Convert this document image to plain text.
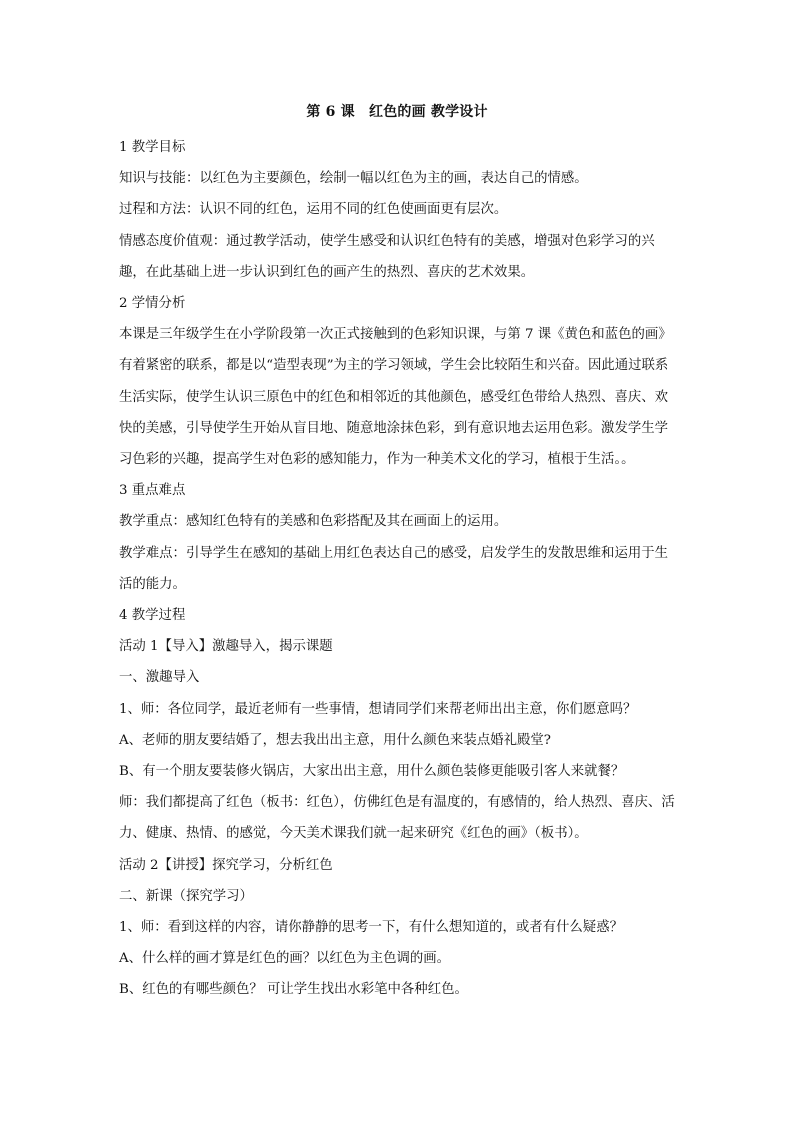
第 6 课　红色的画 教学设计

1 教学目标

知识与技能：以红色为主要颜色，绘制一幅以红色为主的画，表达自己的情感。

过程和方法：认识不同的红色，运用不同的红色使画面更有层次。

情感态度价值观：通过教学活动，使学生感受和认识红色特有的美感，增强对色彩学习的兴趣，在此基础上进一步认识到红色的画产生的热烈、喜庆的艺术效果。

2 学情分析

本课是三年级学生在小学阶段第一次正式接触到的色彩知识课，与第 7 课《黄色和蓝色的画》有着紧密的联系，都是以“造型表现”为主的学习领域，学生会比较陌生和兴奋。因此通过联系生活实际，使学生认识三原色中的红色和相邻近的其他颜色，感受红色带给人热烈、喜庆、欢快的美感，引导使学生开始从盲目地、随意地涂抹色彩，到有意识地去运用色彩。激发学生学习色彩的兴趣，提高学生对色彩的感知能力，作为一种美术文化的学习，植根于生活。。

3 重点难点

教学重点：感知红色特有的美感和色彩搭配及其在画面上的运用。

教学难点：引导学生在感知的基础上用红色表达自己的感受，启发学生的发散思维和运用于生活的能力。

4 教学过程

活动 1【导入】激趣导入，揭示课题

一、激趣导入

1、师：各位同学，最近老师有一些事情，想请同学们来帮老师出出主意，你们愿意吗？

A、老师的朋友要结婚了，想去我出出主意，用什么颜色来装点婚礼殿堂?

B、有一个朋友要装修火锅店，大家出出主意，用什么颜色装修更能吸引客人来就餐？

师：我们都提高了红色（板书：红色），仿佛红色是有温度的，有感情的，给人热烈、喜庆、活力、健康、热情、的感觉，今天美术课我们就一起来研究《红色的画》（板书）。

活动 2【讲授】探究学习，分析红色

二、新课（探究学习）

1、师：看到这样的内容，请你静静的思考一下，有什么想知道的，或者有什么疑惑？

A、什么样的画才算是红色的画？以红色为主色调的画。

B、红色的有哪些颜色？ 可让学生找出水彩笔中各种红色。
